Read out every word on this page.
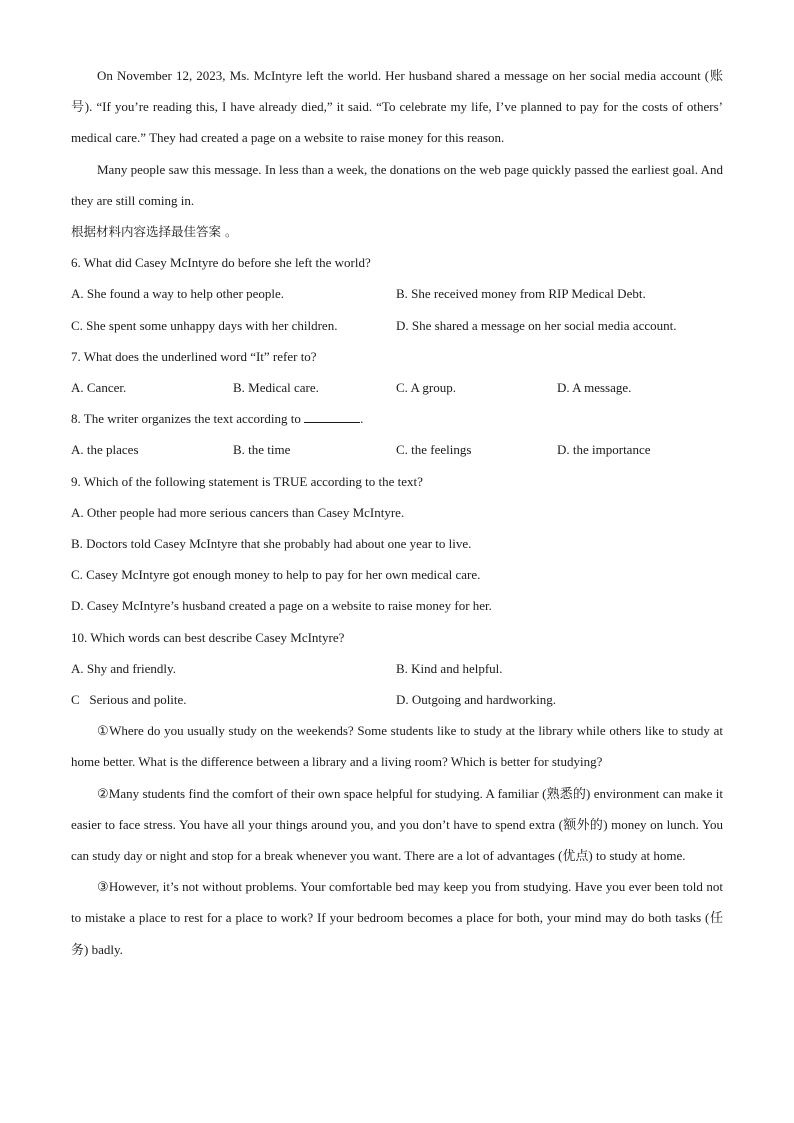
On November 12, 2023, Ms. McIntyre left the world. Her husband shared a message on her social media account (账号). “If you’re reading this, I have already died,” it said. “To celebrate my life, I’ve planned to pay for the costs of others’ medical care.” They had created a page on a website to raise money for this reason.

Many people saw this message. In less than a week, the donations on the web page quickly passed the earliest goal. And they are still coming in.

根据材料内容选择最佳答案 。

6. What did Casey McIntyre do before she left the world?

A. She found a way to help other people.	B. She received money from RIP Medical Debt.
C. She spent some unhappy days with her children.	D. She shared a message on her social media account.

7. What does the underlined word “It” refer to?

A. Cancer.	B. Medical care.	C. A group.	D. A message.

8. The writer organizes the text according to	.

A. the places	B. the time	C. the feelings	D. the importance

9. Which of the following statement is TRUE according to the text?

A. Other people had more serious cancers than Casey McIntyre.

B. Doctors told Casey McIntyre that she probably had about one year to live.

C. Casey McIntyre got enough money to help to pay for her own medical care.

D. Casey McIntyre’s husband created a page on a website to raise money for her.

10. Which words can best describe Casey McIntyre?

A. Shy and friendly.	B. Kind and helpful.
C   Serious and polite.	D. Outgoing and hardworking.

①Where do you usually study on the weekends? Some students like to study at the library while others like to study at home better. What is the difference between a library and a living room? Which is better for studying?

②Many students find the comfort of their own space helpful for studying. A familiar (熟悉的) environment can make it easier to face stress. You have all your things around you, and you don’t have to spend extra (额外的) money on lunch. You can study day or night and stop for a break whenever you want. There are a lot of advantages (优点) to study at home.

③However, it’s not without problems. Your comfortable bed may keep you from studying. Have you ever been told not to mistake a place to rest for a place to work? If your bedroom becomes a place for both, your mind may do both tasks (任务) badly.
